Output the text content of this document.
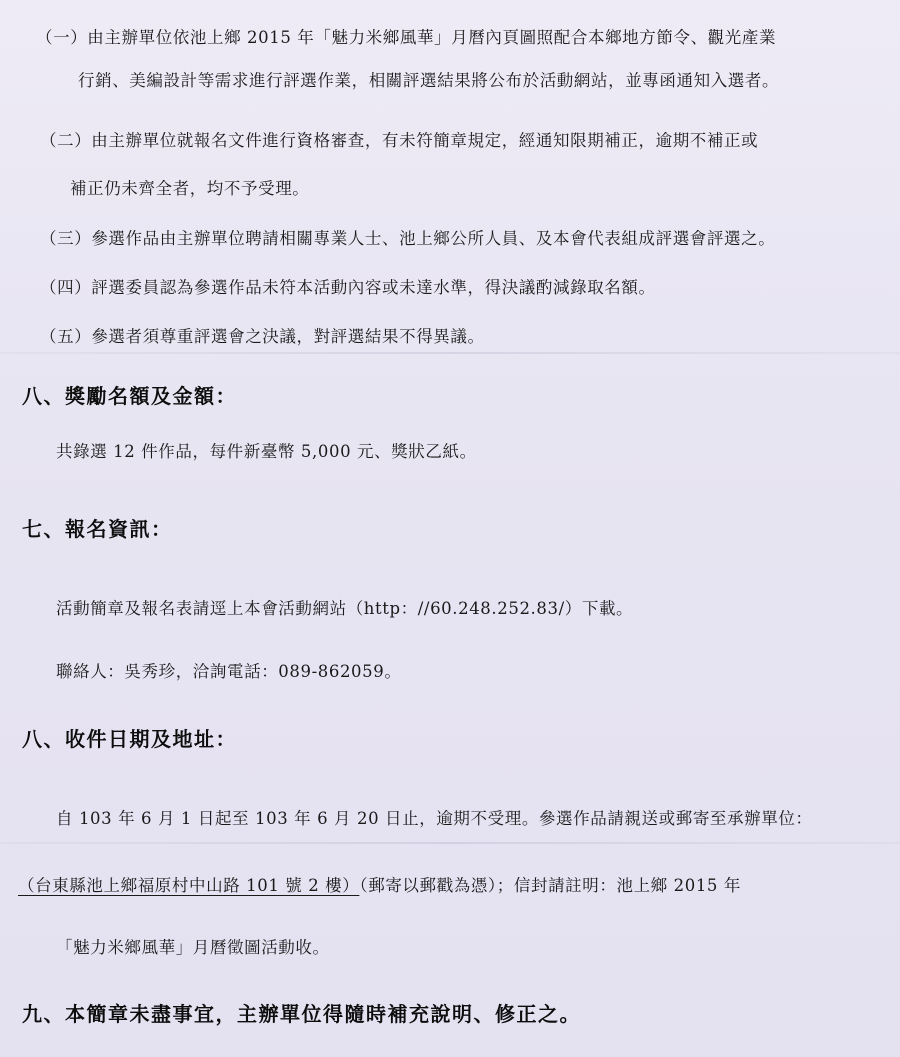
（一）由主辦單位依池上鄉 2015 年「魅力米鄉風華」月曆內頁圖照配合本鄉地方節令、觀光產業
行銷、美編設計等需求進行評選作業，相關評選結果將公布於活動網站，並專函通知入選者。
（二）由主辦單位就報名文件進行資格審查，有未符簡章規定，經通知限期補正，逾期不補正或
補正仍未齊全者，均不予受理。
（三）參選作品由主辦單位聘請相關專業人士、池上鄉公所人員、及本會代表組成評選會評選之。
（四）評選委員認為參選作品未符本活動內容或未達水準，得決議酌減錄取名額。
（五）參選者須尊重評選會之決議，對評選結果不得異議。
八、獎勵名額及金額：
共錄選 12 件作品，每件新臺幣 5,000 元、獎狀乙紙。
七、報名資訊：
活動簡章及報名表請逕上本會活動網站（http：//60.248.252.83/）下載。
聯絡人：吳秀珍，洽詢電話：089-862059。
八、收件日期及地址：
自 103 年 6 月 1 日起至 103 年 6 月 20 日止，逾期不受理。參選作品請親送或郵寄至承辦單位：
（台東縣池上鄉福原村中山路 101 號 2 樓）（郵寄以郵戳為憑）；信封請註明：池上鄉 2015 年
「魅力米鄉風華」月曆徵圖活動收。
九、本簡章未盡事宜，主辦單位得隨時補充說明、修正之。
